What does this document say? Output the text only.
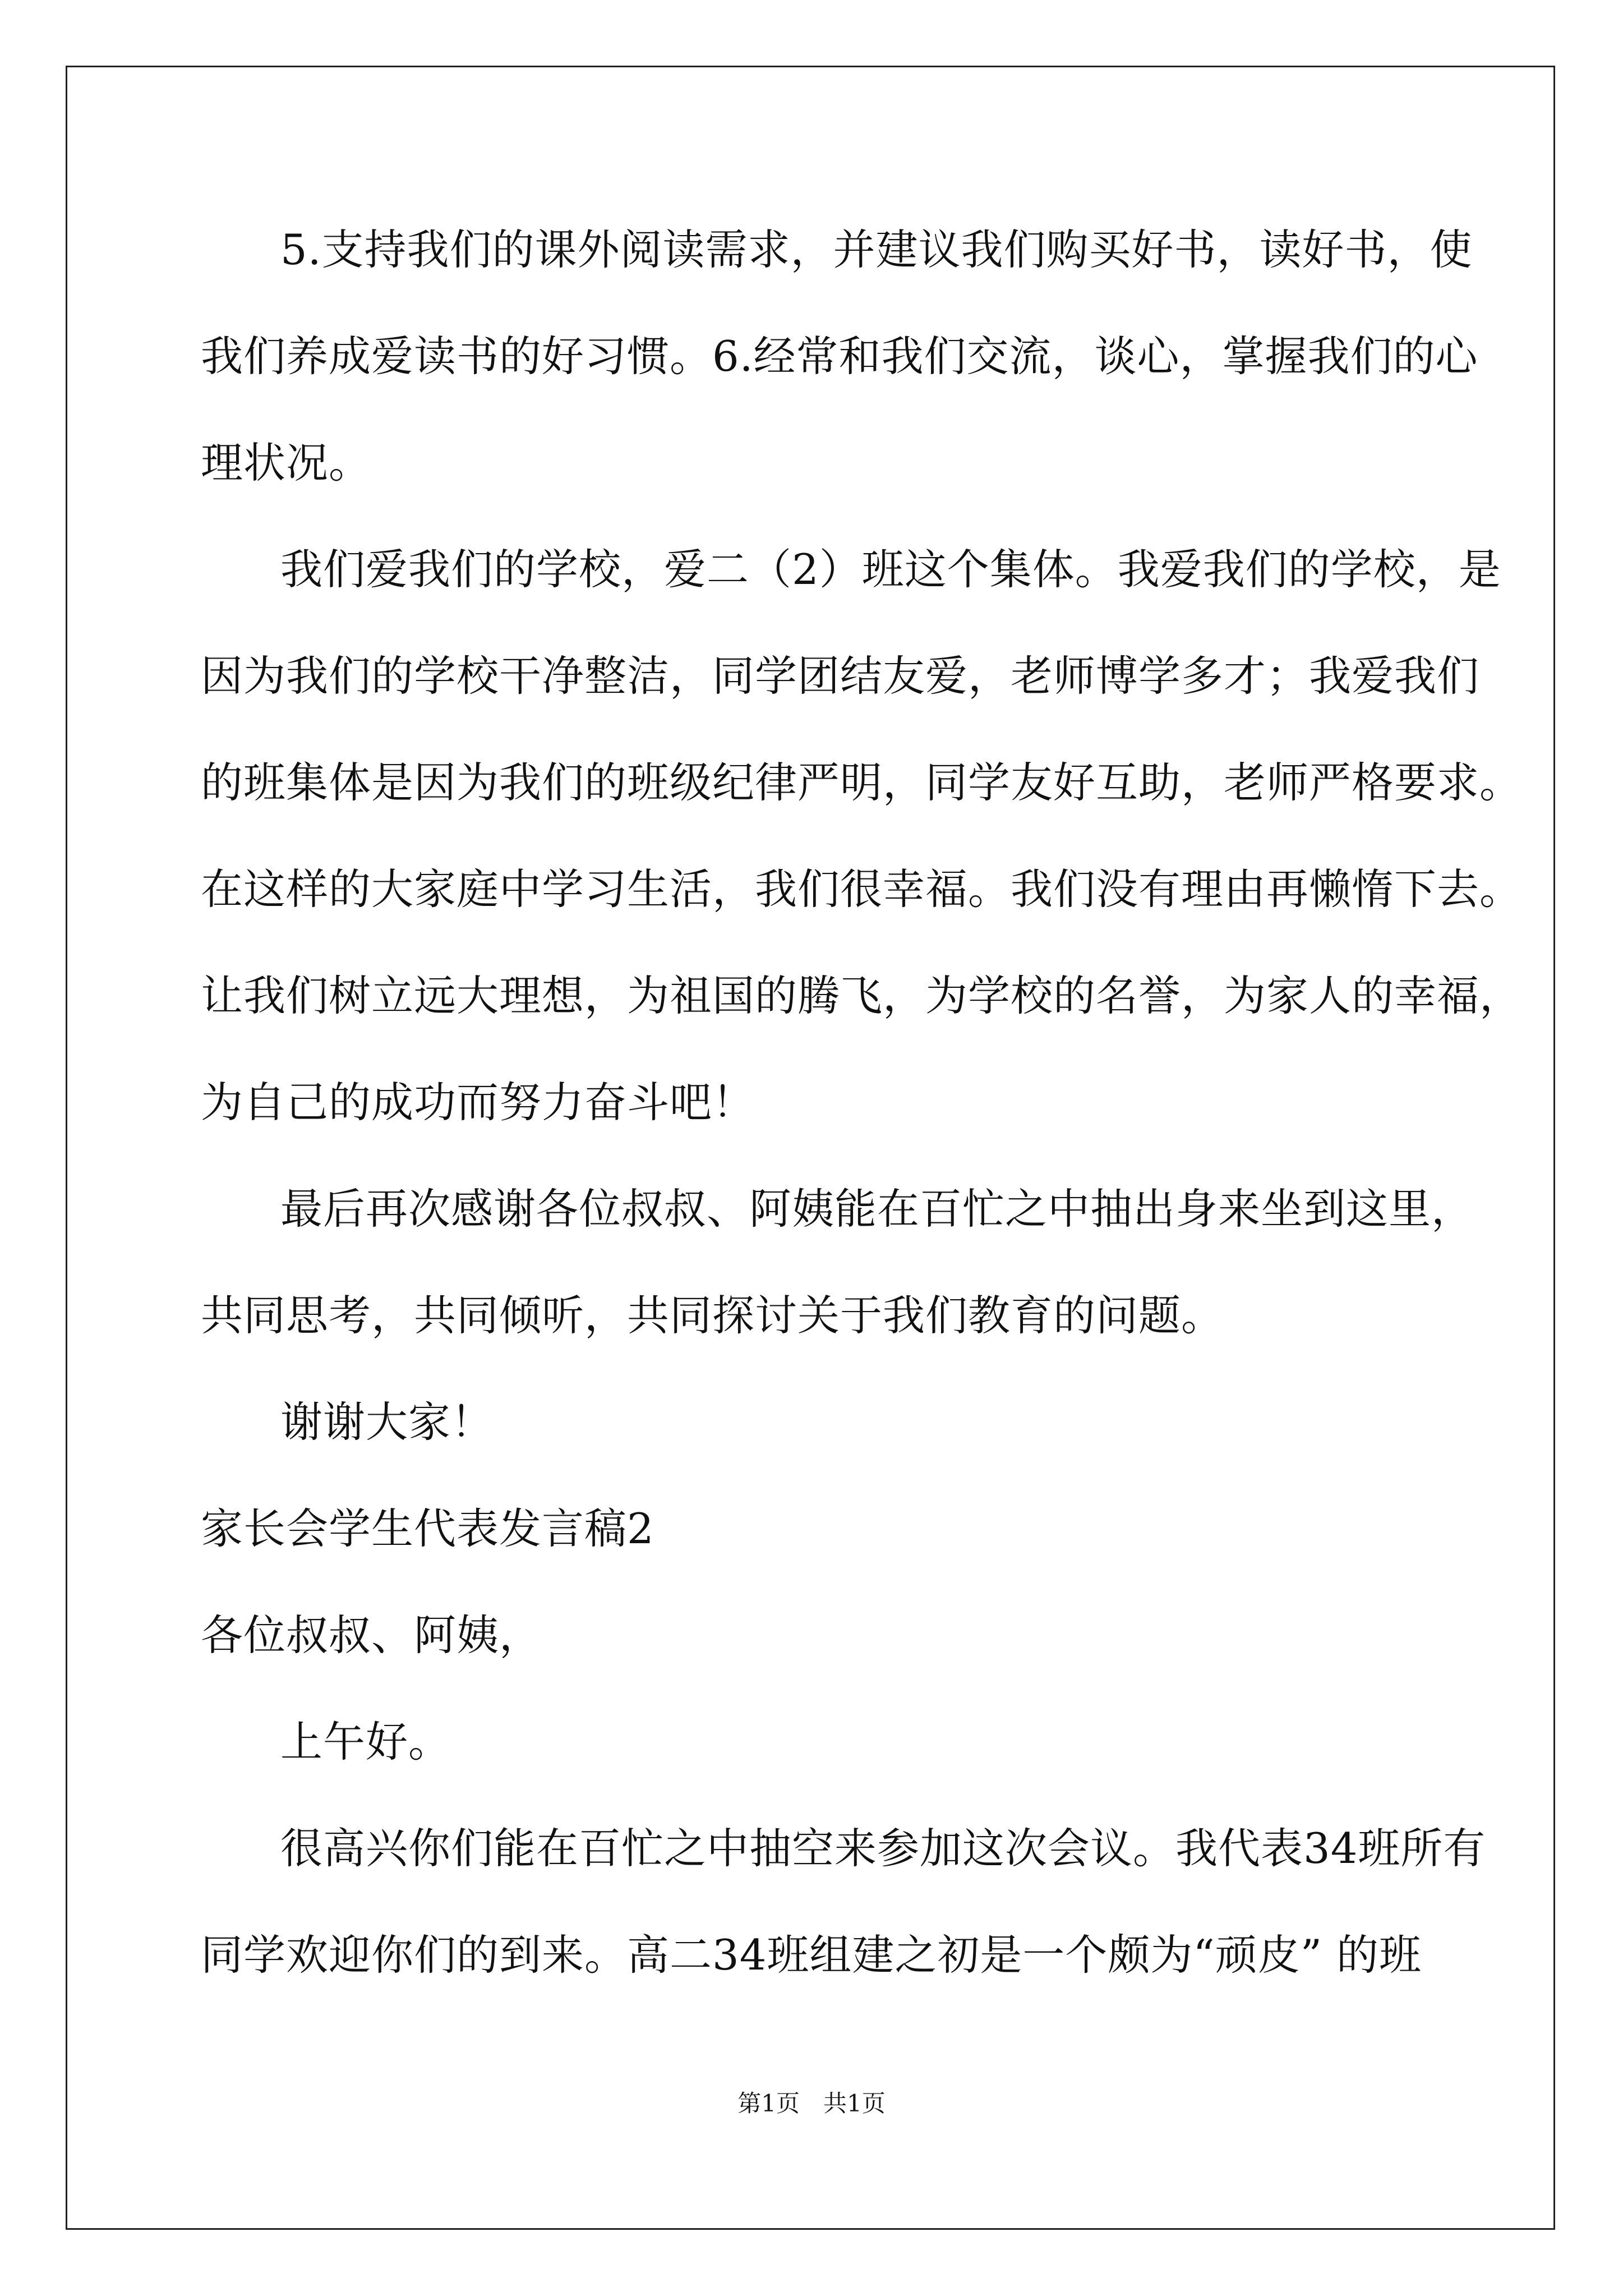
5.支持我们的课外阅读需求，并建议我们购买好书，读好书，使
我们养成爱读书的好习惯。6.经常和我们交流，谈心，掌握我们的心
理状况。
我们爱我们的学校，爱二（2）班这个集体。我爱我们的学校，是
因为我们的学校干净整洁，同学团结友爱，老师博学多才；我爱我们
的班集体是因为我们的班级纪律严明，同学友好互助，老师严格要求。
在这样的大家庭中学习生活，我们很幸福。我们没有理由再懒惰下去。
让我们树立远大理想，为祖国的腾飞，为学校的名誉，为家人的幸福，
为自己的成功而努力奋斗吧！
最后再次感谢各位叔叔、阿姨能在百忙之中抽出身来坐到这里，
共同思考，共同倾听，共同探讨关于我们教育的问题。
谢谢大家！
家长会学生代表发言稿2
各位叔叔、阿姨，
上午好。
很高兴你们能在百忙之中抽空来参加这次会议。我代表34班所有
同学欢迎你们的到来。高二34班组建之初是一个颇为“顽皮” 的班
第1页　共1页
